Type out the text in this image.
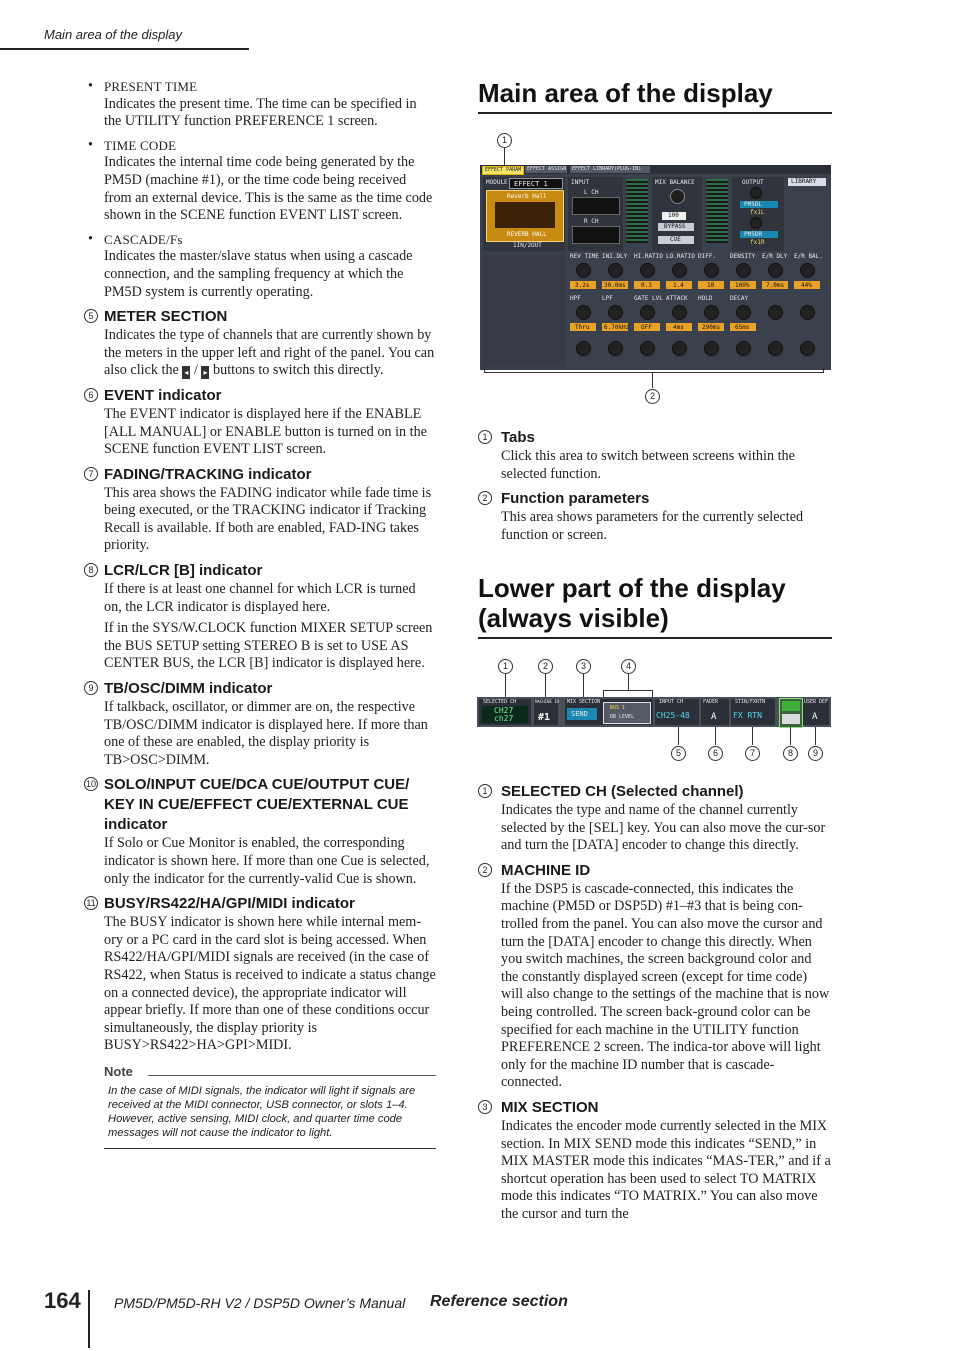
Main area of the display
• PRESENT TIME
Indicates the present time. The time can be specified in the UTILITY function PREFERENCE 1 screen.
• TIME CODE
Indicates the internal time code being generated by the PM5D (machine #1), or the time code being received from an external device. This is the same as the time code shown in the SCENE function EVENT LIST screen.
• CASCADE/Fs
Indicates the master/slave status when using a cascade connection, and the sampling frequency at which the PM5D system is currently operating.
5 METER SECTION
Indicates the type of channels that are currently shown by the meters in the upper left and right of the panel. You can also click the ◂ / ▸ buttons to switch this directly.
6 EVENT indicator
The EVENT indicator is displayed here if the ENABLE [ALL MANUAL] or ENABLE button is turned on in the SCENE function EVENT LIST screen.
7 FADING/TRACKING indicator
This area shows the FADING indicator while fade time is being executed, or the TRACKING indicator if Tracking Recall is available. If both are enabled, FAD-ING takes priority.
8 LCR/LCR [B] indicator
If there is at least one channel for which LCR is turned on, the LCR indicator is displayed here.
If in the SYS/W.CLOCK function MIXER SETUP screen the BUS SETUP setting STEREO B is set to USE AS CENTER BUS, the LCR [B] indicator is displayed here.
9 TB/OSC/DIMM indicator
If talkback, oscillator, or dimmer are on, the respective TB/OSC/DIMM indicator is displayed here. If more than one of these are enabled, the display priority is TB>OSC>DIMM.
10 SOLO/INPUT CUE/DCA CUE/OUTPUT CUE/ KEY IN CUE/EFFECT CUE/EXTERNAL CUE indicator
If Solo or Cue Monitor is enabled, the corresponding indicator is shown here. If more than one Cue is selected, only the indicator for the currently-valid Cue is shown.
11 BUSY/RS422/HA/GPI/MIDI indicator
The BUSY indicator is shown here while internal mem-ory or a PC card in the card slot is being accessed. When RS422/HA/GPI/MIDI signals are received (in the case of RS422, when Status is received to indicate a status change on a connected device), the appropriate indicator will appear briefly. If more than one of these conditions occur simultaneously, the display priority is BUSY>RS422>HA>GPI>MIDI.
Note
In the case of MIDI signals, the indicator will light if signals are received at the MIDI connector, USB connector, or slots 1–4. However, active sensing, MIDI clock, and quarter time code messages will not cause the indicator to light.
Main area of the display
1
EFFECT PARAM EFFECT ASSIGN EFFECT LIBRARY(PLUG-IN)
MODULE EFFECT 1
Reverb Hall
REVERB HALL
1IN/2OUT
INPUT
L CH
R CH
MIX BALANCE
100
BYPASS
CUE
OUTPUT
PM5DL
fx1L
PM5DR
fx1R
LIBRARY
REV TIME
3.2s
INI.DLY
30.0ms
HI.RATIO
0.3
LO.RATIO
1.4
DIFF.
10
DENSITY
100%
E/R DLY
7.0ms
E/R BAL.
44%
HPF
Thru
LPF
6.70kHz
GATE LVL
OFF
ATTACK
4ms
HOLD
290ms
DECAY
65ms
2
1 Tabs
Click this area to switch between screens within the selected function.
2 Function parameters
This area shows parameters for the currently selected function or screen.
Lower part of the display
(always visible)
1	2	3	4
SELECTED CH
CH27
ch27
MACHINE ID
#1
MIX SECTION
SEND
BUS 1
DB LEVEL
INPUT CH
CH25-48
FADER
A
STIN/FXRTN
FX RTN
USER DEF
A
5	6	7	8	9
1 SELECTED CH (Selected channel)
Indicates the type and name of the channel currently selected by the [SEL] key. You can also move the cur-sor and turn the [DATA] encoder to change this directly.
2 MACHINE ID
If the DSP5 is cascade-connected, this indicates the machine (PM5D or DSP5D) #1–#3 that is being con-trolled from the panel. You can also move the cursor and turn the [DATA] encoder to change this directly. When you switch machines, the screen background color and the constantly displayed screen (except for time code) will also change to the settings of the machine that is now being controlled. The screen back-ground color can be specified for each machine in the UTILITY function PREFERENCE 2 screen. The indica-tor above will light only for the machine ID number that is cascade-connected.
3 MIX SECTION
Indicates the encoder mode currently selected in the MIX section. In MIX SEND mode this indicates “SEND,” in MIX MASTER mode this indicates “MAS-TER,” and if a shortcut operation has been used to select TO MATRIX mode this indicates “TO MATRIX.” You can also move the cursor and turn the
164 PM5D/PM5D-RH V2 / DSP5D Owner’s Manual Reference section
